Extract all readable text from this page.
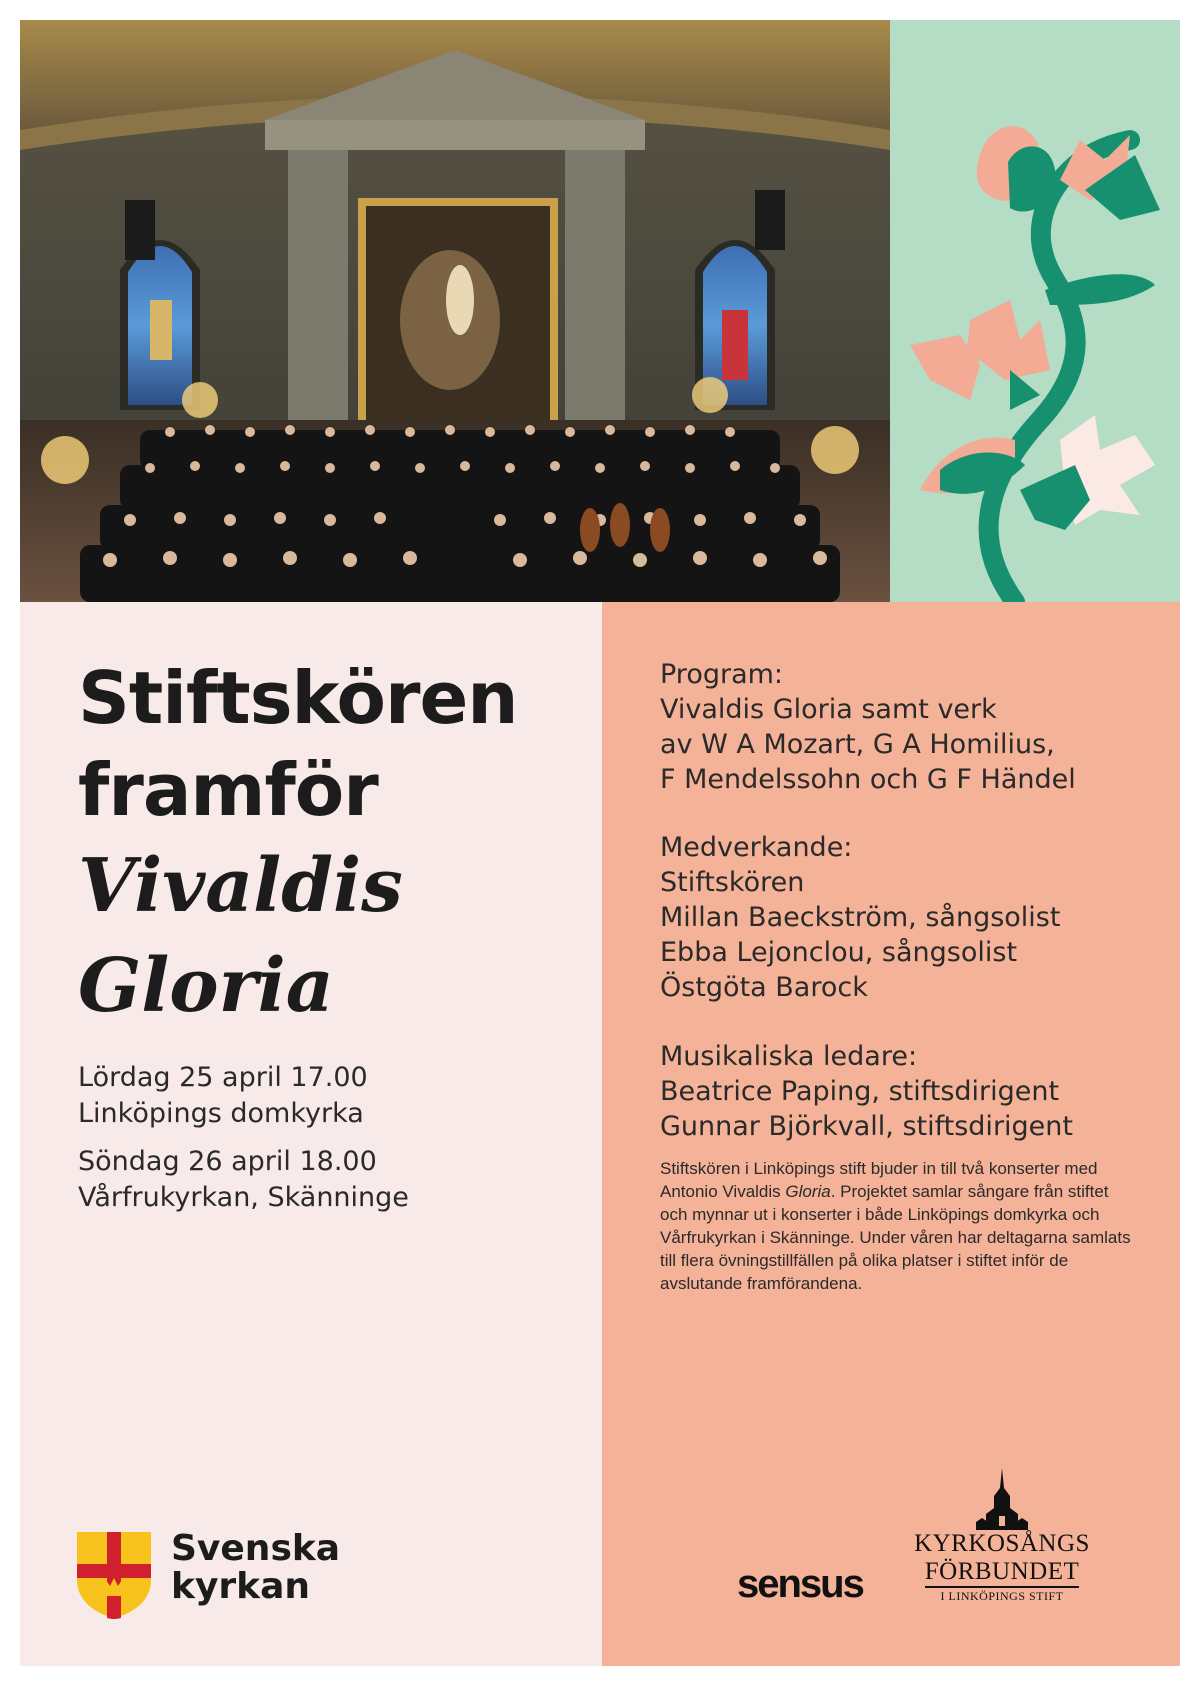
Stiftskören
framför
Vivaldis
Gloria
Lördag 25 april 17.00
Linköpings domkyrka
Söndag 26 april 18.00
Vårfrukyrkan, Skänninge
Svenska
kyrkan
Program:
Vivaldis Gloria samt verk
av W A Mozart, G A Homilius,
F Mendelssohn och G F Händel
Medverkande:
Stiftskören
Millan Baeckström, sångsolist
Ebba Lejonclou, sångsolist
Östgöta Barock
Musikaliska ledare:
Beatrice Paping, stiftsdirigent
Gunnar Björkvall, stiftsdirigent

Stiftskören i Linköpings stift bjuder in till två konserter med Antonio Vivaldis Gloria. Projektet samlar sångare från stiftet och mynnar ut i konserter i både Linköpings domkyrka och Vårfrukyrkan i Skänninge. Under våren har deltagarna samlats till flera övningstillfällen på olika platser i stiftet inför de avslutande framförandena.

sensus
KYRKOSÅNGS
FÖRBUNDET
I LINKÖPINGS STIFT
